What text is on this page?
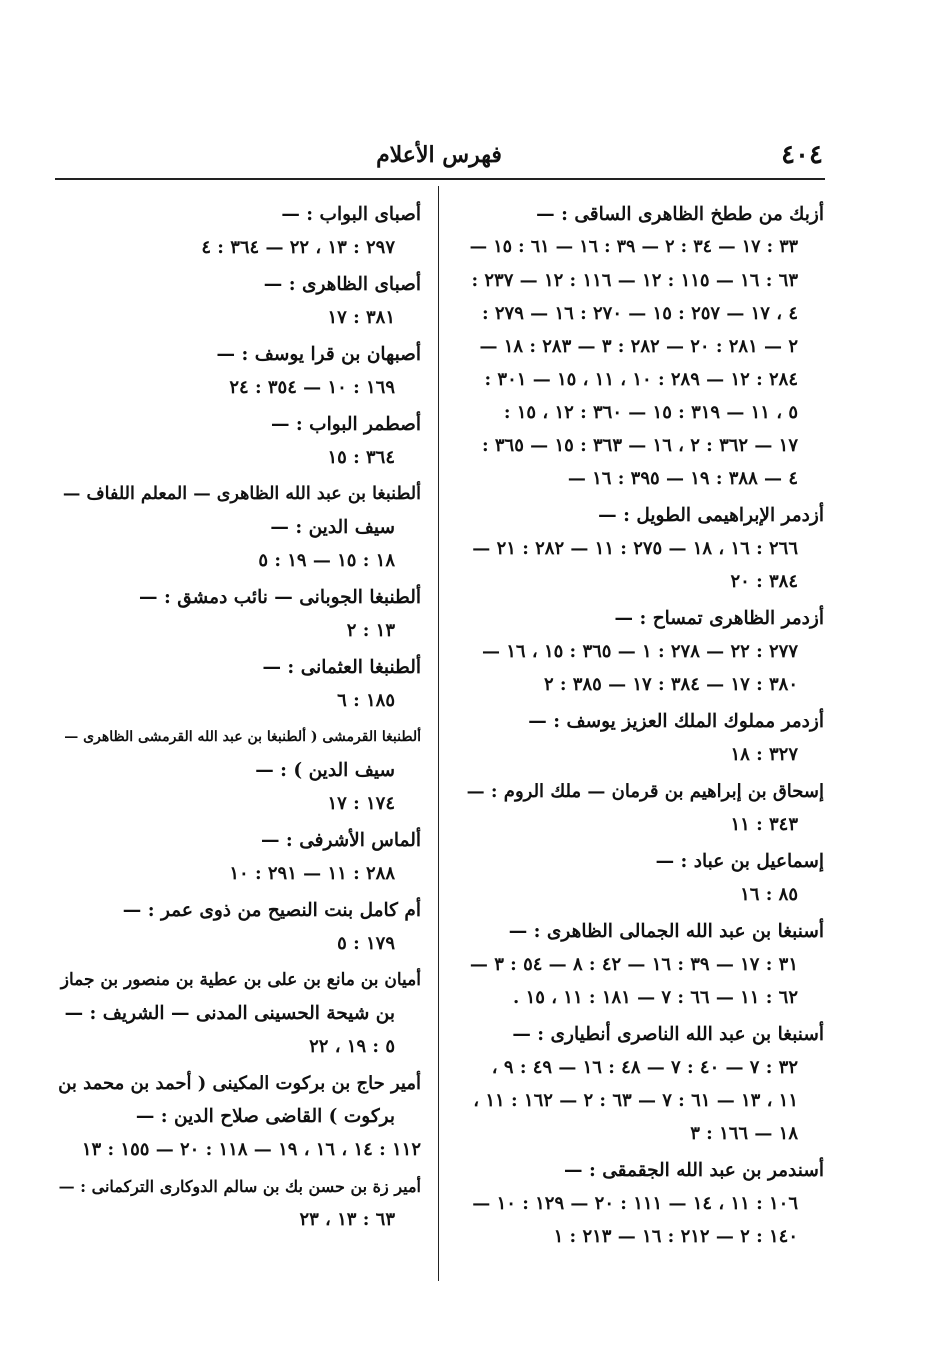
٤٠٤
فهرس الأعلام
أزبك من ططخ الظاهرى الساقى : —
٣٣ : ١٧ — ٣٤ : ٢ — ٣٩ : ١٦ — ٦١ : ١٥ —
٦٣ : ١٦ — ١١٥ : ١٢ — ١١٦ : ١٢ — ٢٣٧ :
٤ ، ١٧ — ٢٥٧ : ١٥ — ٢٧٠ : ١٦ — ٢٧٩ :
٢ — ٢٨١ : ٢٠ — ٢٨٢ : ٣ — ٢٨٣ : ١٨ —
٢٨٤ : ١٢ — ٢٨٩ : ١٠ ، ١١ ، ١٥ — ٣٠١ :
٥ ، ١١ — ٣١٩ : ١٥ — ٣٦٠ : ١٢ ، ١٥ :
١٧ — ٣٦٢ : ٢ ، ١٦ — ٣٦٣ : ١٥ — ٣٦٥ :
٤ — ٣٨٨ : ١٩ — ٣٩٥ : ١٦ —
أزدمر الإبراهيمى الطويل : —
٢٦٦ : ١٦ ، ١٨ — ٢٧٥ : ١١ — ٢٨٢ : ٢١ —
٣٨٤ : ٢٠
أزدمر الظاهرى تمساح : —
٢٧٧ : ٢٢ — ٢٧٨ : ١ — ٣٦٥ : ١٥ ، ١٦ —
٣٨٠ : ١٧ — ٣٨٤ : ١٧ — ٣٨٥ : ٢
أزدمر مملوك الملك العزيز يوسف : —
٣٢٧ : ١٨
إسحاق بن إبراهيم بن قرمان — ملك الروم : —
٣٤٣ : ١١
إسماعيل بن عباد : —
٨٥ : ١٦
أسنبغا بن عبد الله الجمالى الظاهرى : —
٣١ : ١٧ — ٣٩ : ١٦ — ٤٢ : ٨ — ٥٤ : ٣ —
٦٢ : ١١ — ٦٦ : ٧ — ١٨١ : ١١ ، ١٥ .
أسنبغا بن عبد الله الناصرى أنطيارى : —
٣٢ : ٧ — ٤٠ : ٧ — ٤٨ : ١٦ — ٤٩ : ٩ ،
١١ ، ١٣ — ٦١ : ٧ — ٦٣ : ٢ — ١٦٢ : ١١ ،
١٨ — ١٦٦ : ٣
أسندمر بن عبد الله الجقمقى : —
١٠٦ : ١١ ، ١٤ — ١١١ : ٢٠ — ١٢٩ : ١٠ —
١٤٠ : ٢ — ٢١٢ : ١٦ — ٢١٣ : ١
أصباى البواب : —
٢٩٧ : ١٣ ، ٢٢ — ٣٦٤ : ٤
أصباى الظاهرى : —
٣٨١ : ١٧
أصبهان بن قرا يوسف : —
١٦٩ : ١٠ — ٣٥٤ : ٢٤
أصطمر البواب : —
٣٦٤ : ١٥
ألطنبغا بن عبد الله الظاهرى — المعلم اللفاف —
سيف الدين : —
١٨ : ١٥ — ١٩ : ٥
ألطنبغا الجوبانى — نائب دمشق : —
١٣ : ٢
ألطنبغا العثمانى : —
١٨٥ : ٦
ألطنبغا القرمشى ( ألطنبغا بن عبد الله القرمشى الظاهرى —
سيف الدين ) : —
١٧٤ : ١٧
ألماس الأشرفى : —
٢٨٨ : ١١ — ٢٩١ : ١٠
أم كامل بنت النصيح من ذوى عمر : —
١٧٩ : ٥
أميان بن مانع بن على بن عطية بن منصور بن جماز
بن شيحة الحسينى المدنى — الشريف : —
٥ : ١٩ ، ٢٢
أمير حاج بن بركوت المكينى ( أحمد بن محمد بن
بركوت ) القاضى صلاح الدين : —
١١٢ : ١٤ ، ١٦ ، ١٩ — ١١٨ : ٢٠ — ١٥٥ : ١٣
أمير زة بن حسن بك بن سالم الدوكارى التركمانى : —
٦٣ : ١٣ ، ٢٣
